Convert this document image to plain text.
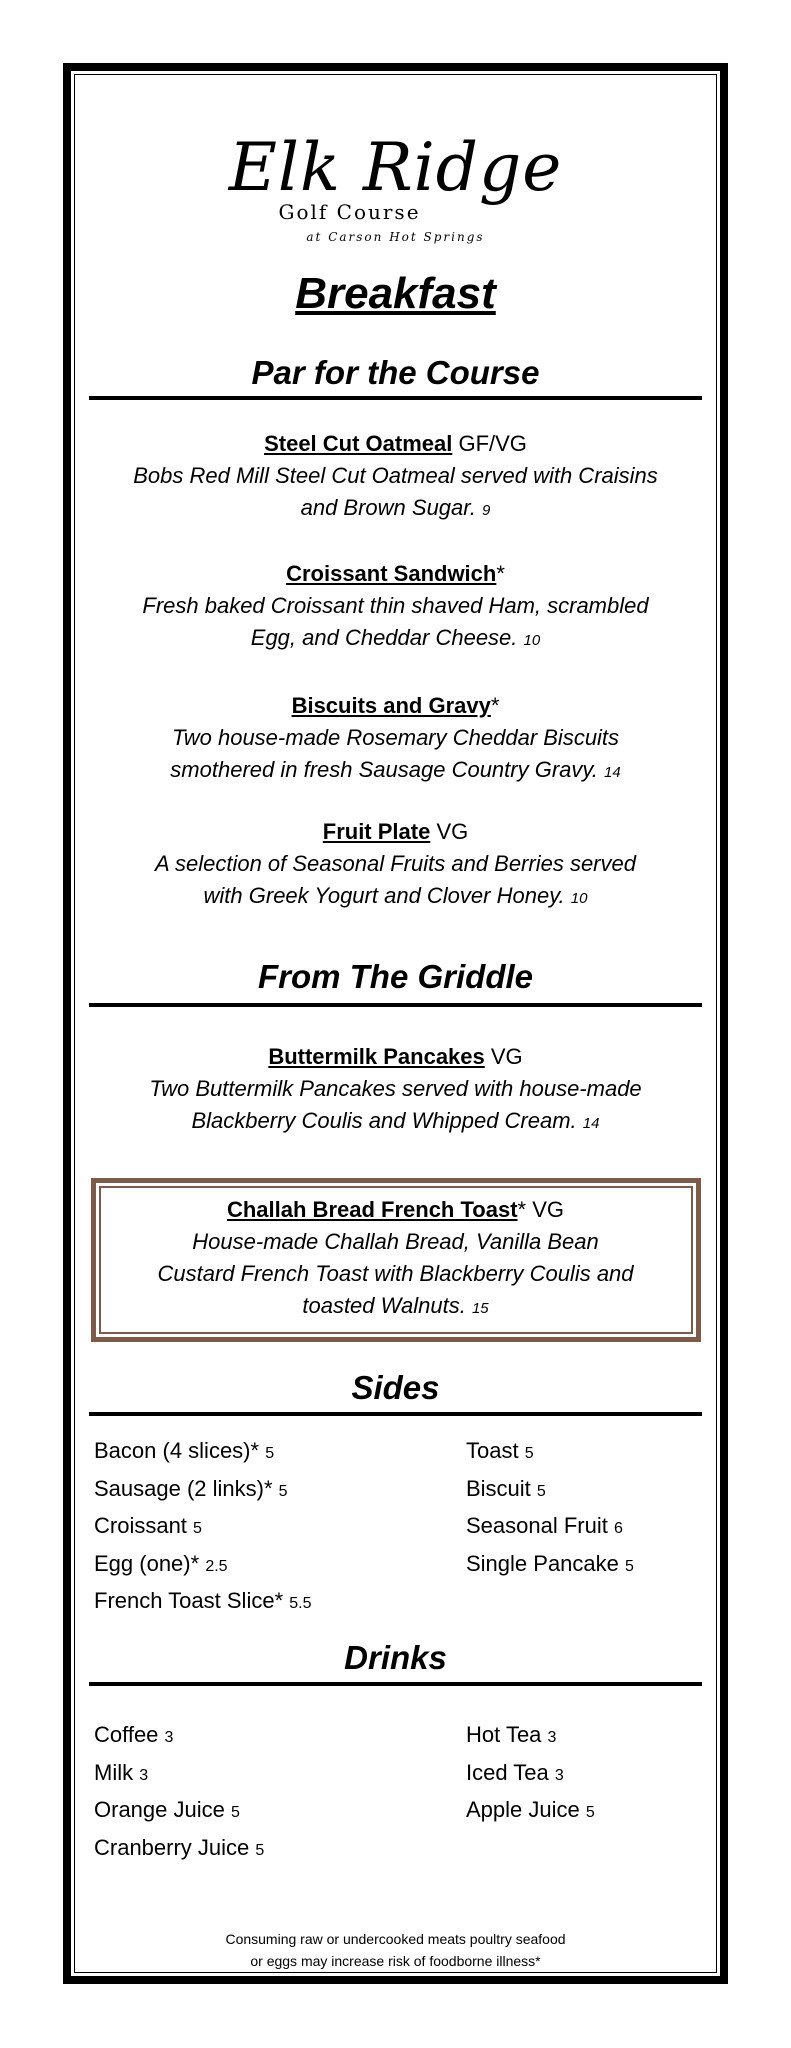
Elk Ridge
Golf Course
at Carson Hot Springs
Breakfast
Par for the Course
Steel Cut Oatmeal GF/VG
Bobs Red Mill Steel Cut Oatmeal served with Craisins
and Brown Sugar. 9
Croissant Sandwich*
Fresh baked Croissant thin shaved Ham, scrambled
Egg, and Cheddar Cheese. 10
Biscuits and Gravy*
Two house-made Rosemary Cheddar Biscuits
smothered in fresh Sausage Country Gravy. 14
Fruit Plate VG
A selection of Seasonal Fruits and Berries served
with Greek Yogurt and Clover Honey. 10
From The Griddle
Buttermilk Pancakes VG
Two Buttermilk Pancakes served with house-made
Blackberry Coulis and Whipped Cream. 14
Challah Bread French Toast* VG
House-made Challah Bread, Vanilla Bean
Custard French Toast with Blackberry Coulis and
toasted Walnuts. 15
Sides
Bacon (4 slices)* 5
Sausage (2 links)* 5
Croissant 5
Egg (one)* 2.5
French Toast Slice* 5.5
Toast 5
Biscuit 5
Seasonal Fruit 6
Single Pancake 5
Drinks
Coffee 3
Milk 3
Orange Juice 5
Cranberry Juice 5
Hot Tea 3
Iced Tea 3
Apple Juice 5
Consuming raw or undercooked meats poultry seafood
or eggs may increase risk of foodborne illness*
